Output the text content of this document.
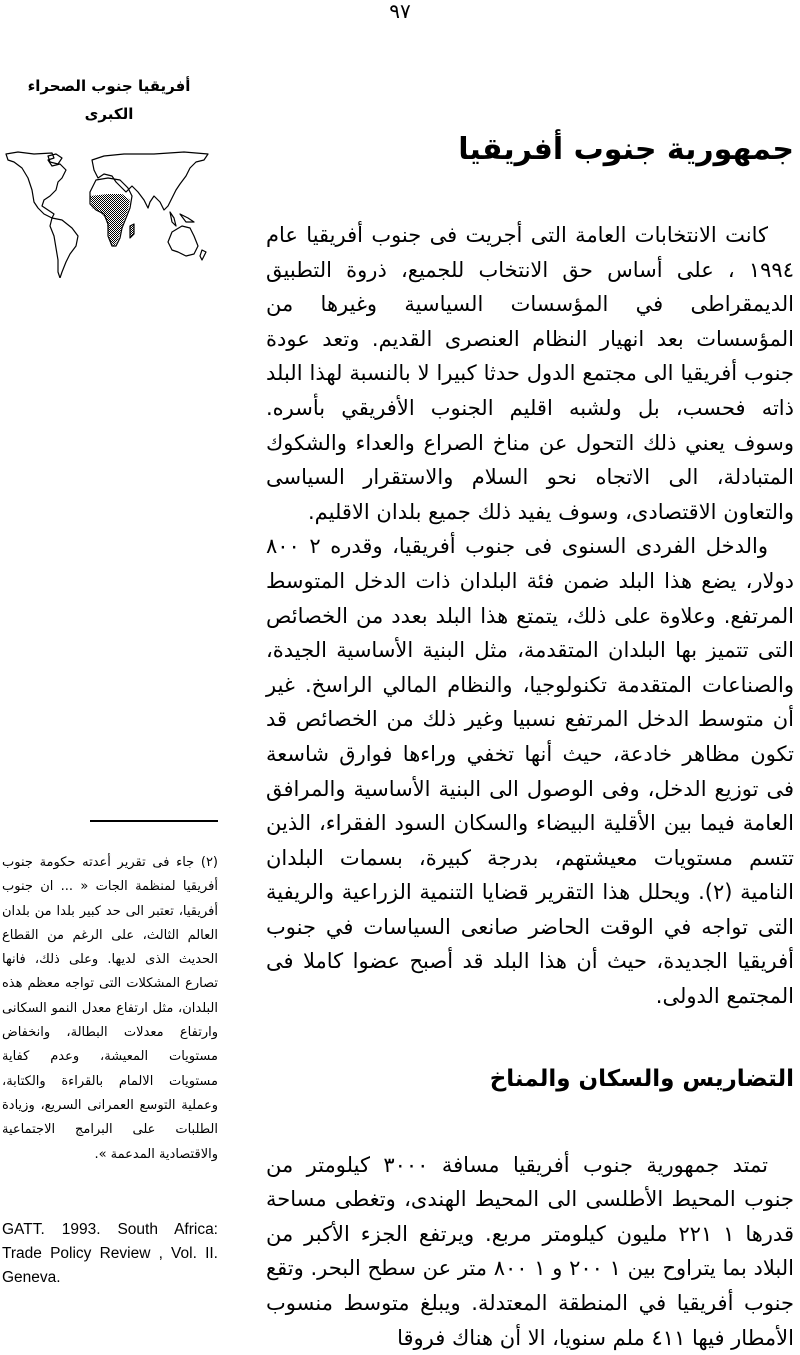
٩٧

أفريقيا جنوب الصحراء

الكبرى

جمهورية جنوب أفريقيا

كانت الانتخابات العامة التى أجريت فى جنوب أفريقيا عام ١٩٩٤ ، على أساس حق الانتخاب للجميع، ذروة التطبيق الديمقراطى في المؤسسات السياسية وغيرها من المؤسسات بعد انهيار النظام العنصرى القديم. وتعد عودة جنوب أفريقيا الى مجتمع الدول حدثا كبيرا لا بالنسبة لهذا البلد ذاته فحسب، بل ولشبه اقليم الجنوب الأفريقي بأسره. وسوف يعني ذلك التحول عن مناخ الصراع والعداء والشكوك المتبادلة، الى الاتجاه نحو السلام والاستقرار السياسى والتعاون الاقتصادى، وسوف يفيد ذلك جميع بلدان الاقليم.

والدخل الفردى السنوى فى جنوب أفريقيا، وقدره ٢ ٨٠٠ دولار، يضع هذا البلد ضمن فئة البلدان ذات الدخل المتوسط المرتفع. وعلاوة على ذلك، يتمتع هذا البلد بعدد من الخصائص التى تتميز بها البلدان المتقدمة، مثل البنية الأساسية الجيدة، والصناعات المتقدمة تكنولوجيا، والنظام المالي الراسخ. غير أن متوسط الدخل المرتفع نسبيا وغير ذلك من الخصائص قد تكون مظاهر خادعة، حيث أنها تخفي وراءها فوارق شاسعة فى توزيع الدخل، وفى الوصول الى البنية الأساسية والمرافق العامة فيما بين الأقلية البيضاء والسكان السود الفقراء، الذين تتسم مستويات معيشتهم، بدرجة كبيرة، بسمات البلدان النامية (٢). ويحلل هذا التقرير قضايا التنمية الزراعية والريفية التى تواجه في الوقت الحاضر صانعى السياسات في جنوب أفريقيا الجديدة، حيث أن هذا البلد قد أصبح عضوا كاملا فى المجتمع الدولى.

التضاريس والسكان والمناخ

تمتد جمهورية جنوب أفريقيا مسافة ٣٠٠٠ كيلومتر من جنوب المحيط الأطلسى الى المحيط الهندى، وتغطى مساحة قدرها ١ ٢٢١ مليون كيلومتر مربع. ويرتفع الجزء الأكبر من البلاد بما يتراوح بين ١ ٢٠٠ و ١ ٨٠٠ متر عن سطح البحر. وتقع جنوب أفريقيا في المنطقة المعتدلة. ويبلغ متوسط منسوب الأمطار فيها ٤١١ ملم سنويا، الا أن هناك فروقا

(٢) جاء فى تقرير أعدته حكومة جنوب أفريقيا لمنظمة الجات « ... ان جنوب أفريقيا، تعتبر الى حد كبير بلدا من بلدان العالم الثالث، على الرغم من القطاع الحديث الذى لديها. وعلى ذلك، فانها تصارع المشكلات التى تواجه معظم هذه البلدان، مثل ارتفاع معدل النمو السكانى وارتفاع معدلات البطالة، وانخفاض مستويات المعيشة، وعدم كفاية مستويات الالمام بالقراءة والكتابة، وعملية التوسع العمرانى السريع، وزيادة الطلبات على البرامج الاجتماعية والاقتصادية المدعمة ».

GATT. 1993. South Africa: Trade Policy Review , Vol. II. Geneva.
